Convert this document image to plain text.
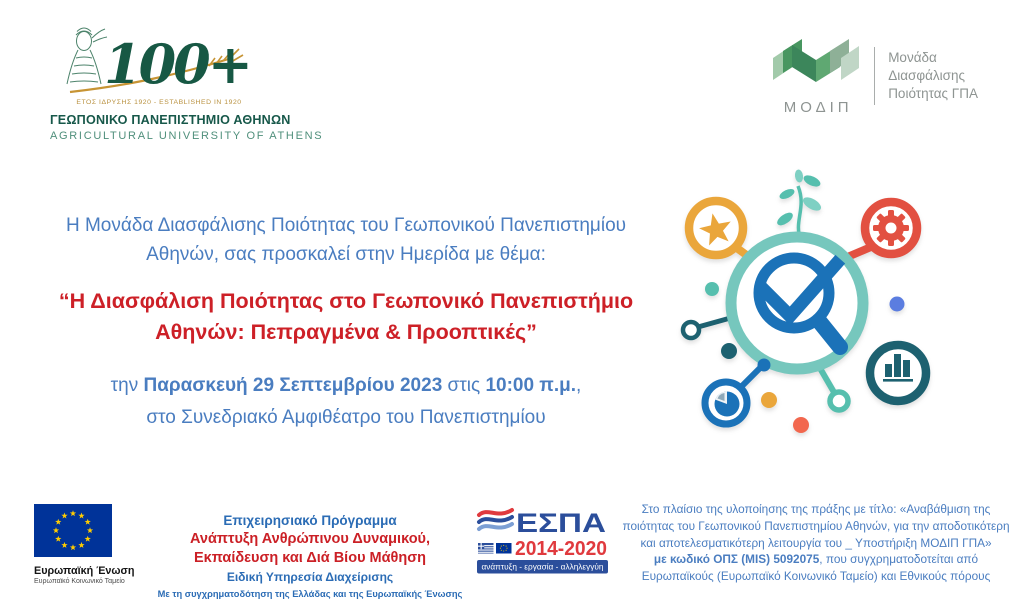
100+
ΕΤΟΣ ΙΔΡΥΣΗΣ 1920 - ESTABLISHED IN 1920
ΓΕΩΠΟΝΙΚΟ ΠΑΝΕΠΙΣΤΗΜΙΟ ΑΘΗΝΩΝ
AGRICULTURAL UNIVERSITY OF ATHENS
ΜΟΔΙΠ
Μονάδα
Διασφάλισης
Ποιότητας ΓΠΑ
Η Μονάδα Διασφάλισης Ποιότητας του Γεωπονικού Πανεπιστημίου
Αθηνών, σας προσκαλεί στην Ημερίδα με θέμα:
“Η Διασφάλιση Ποιότητας στο Γεωπονικό Πανεπιστήμιο
Αθηνών: Πεπραγμένα & Προοπτικές”
την Παρασκευή 29 Σεπτεμβρίου 2023 στις 10:00 π.μ.,
στο Συνεδριακό Αμφιθέατρο του Πανεπιστημίου
Ευρωπαϊκή Ένωση
Ευρωπαϊκό Κοινωνικό Ταμείο
Επιχειρησιακό Πρόγραμμα
Ανάπτυξη Ανθρώπινου Δυναμικού,
Εκπαίδευση και Διά Βίου Μάθηση
Ειδική Υπηρεσία Διαχείρισης
Με τη συγχρηματοδότηση της Ελλάδας και της Ευρωπαϊκής Ένωσης
ΕΣΠΑ
2014-2020
ανάπτυξη - εργασία - αλληλεγγύη
Στο πλαίσιο της υλοποίησης της πράξης με τίτλο: «Αναβάθμιση της
ποιότητας του Γεωπονικού Πανεπιστημίου Αθηνών, για την αποδοτικότερη
και αποτελεσματικότερη λειτουργία του _ Υποστήριξη ΜΟΔΙΠ ΓΠΑ»
με κωδικό ΟΠΣ (MIS) 5092075, που συγχρηματοδοτείται από
Ευρωπαϊκούς (Ευρωπαϊκό Κοινωνικό Ταμείο) και Εθνικούς πόρους
